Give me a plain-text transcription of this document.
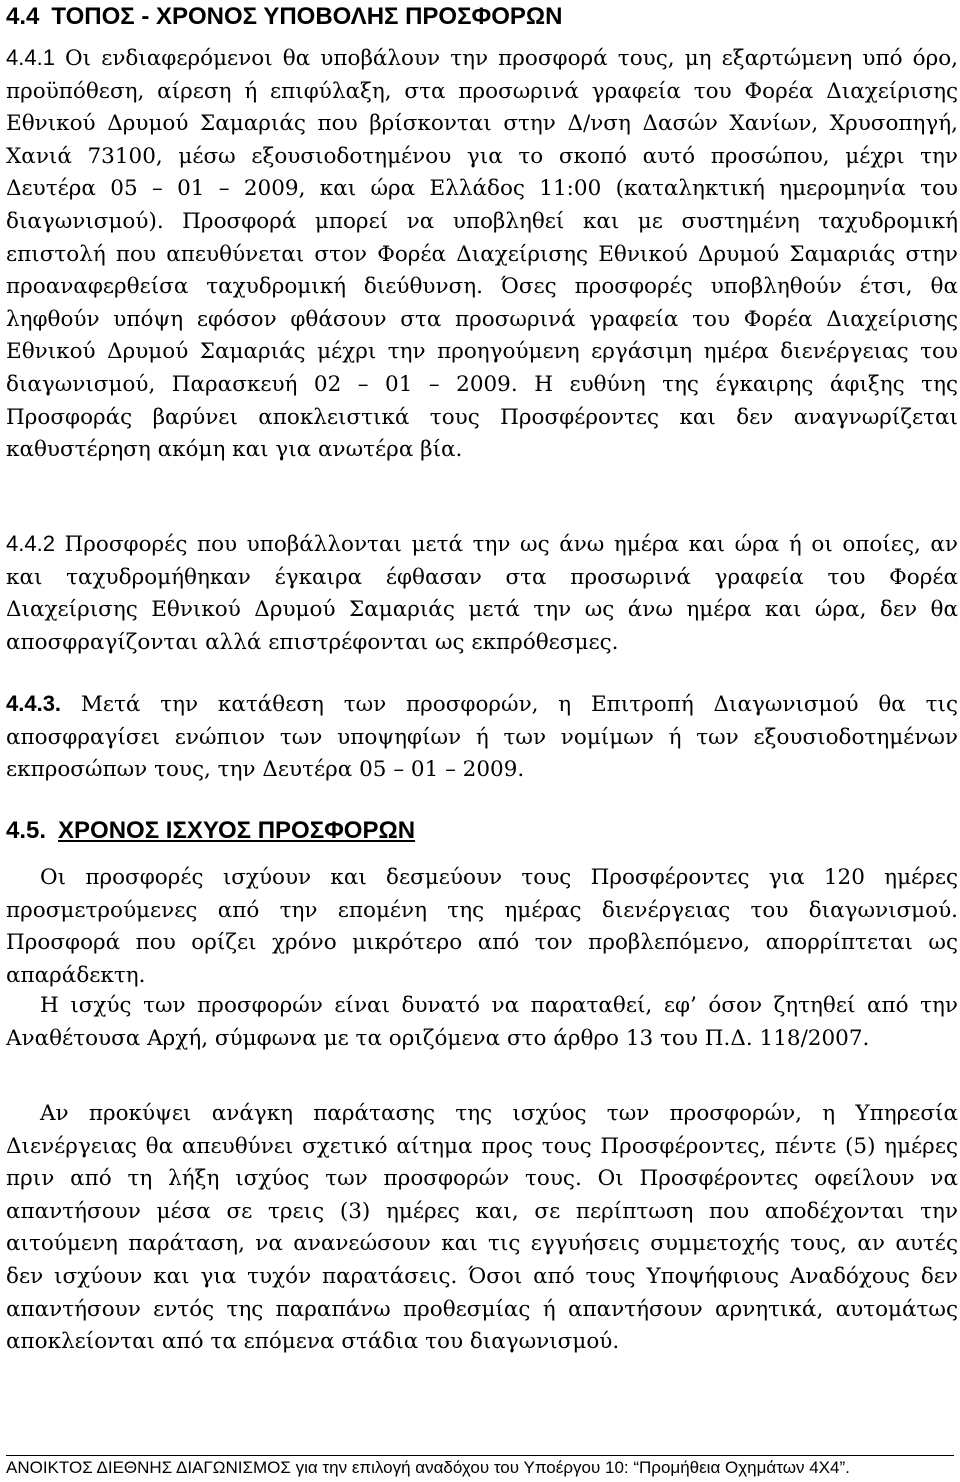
4.4 ΤΟΠΟΣ - ΧΡΟΝΟΣ ΥΠΟΒΟΛΗΣ ΠΡΟΣΦΟΡΩΝ

4.4.1 Οι ενδιαφερόμενοι θα υποβάλουν την προσφορά τους, μη εξαρτώμενη υπό όρο, προϋπόθεση, αίρεση ή επιφύλαξη, στα προσωρινά γραφεία του Φορέα Διαχείρισης Εθνικού Δρυμού Σαμαριάς που βρίσκονται στην Δ/νση Δασών Χανίων, Χρυσοπηγή, Χανιά 73100, μέσω εξουσιοδοτημένου για το σκοπό αυτό προσώπου, μέχρι την Δευτέρα 05 – 01 – 2009, και ώρα Ελλάδος 11:00 (καταληκτική ημερομηνία του διαγωνισμού). Προσφορά μπορεί να υποβληθεί και με συστημένη ταχυδρομική επιστολή που απευθύνεται στον Φορέα Διαχείρισης Εθνικού Δρυμού Σαμαριάς στην προαναφερθείσα ταχυδρομική διεύθυνση. Όσες προσφορές υποβληθούν έτσι, θα ληφθούν υπόψη εφόσον φθάσουν στα προσωρινά γραφεία του Φορέα Διαχείρισης Εθνικού Δρυμού Σαμαριάς μέχρι την προηγούμενη εργάσιμη ημέρα διενέργειας του διαγωνισμού, Παρασκευή 02 – 01 – 2009. Η ευθύνη της έγκαιρης άφιξης της Προσφοράς βαρύνει αποκλειστικά τους Προσφέροντες και δεν αναγνωρίζεται καθυστέρηση ακόμη και για ανωτέρα βία.

4.4.2 Προσφορές που υποβάλλονται μετά την ως άνω ημέρα και ώρα ή οι οποίες, αν και ταχυδρομήθηκαν έγκαιρα έφθασαν στα προσωρινά γραφεία του Φορέα Διαχείρισης Εθνικού Δρυμού Σαμαριάς μετά την ως άνω ημέρα και ώρα, δεν θα αποσφραγίζονται αλλά επιστρέφονται ως εκπρόθεσμες.

4.4.3. Μετά την κατάθεση των προσφορών, η Επιτροπή Διαγωνισμού θα τις αποσφραγίσει ενώπιον των υποψηφίων ή των νομίμων ή των εξουσιοδοτημένων εκπροσώπων τους, την Δευτέρα 05 – 01 – 2009.

4.5. ΧΡΟΝΟΣ ΙΣΧΥΟΣ ΠΡΟΣΦΟΡΩΝ

Οι προσφορές ισχύουν και δεσμεύουν τους Προσφέροντες για 120 ημέρες προσμετρούμενες από την επομένη της ημέρας διενέργειας του διαγωνισμού. Προσφορά που ορίζει χρόνο μικρότερο από τον προβλεπόμενο, απορρίπτεται ως απαράδεκτη.

Η ισχύς των προσφορών είναι δυνατό να παραταθεί, εφ’ όσον ζητηθεί από την Αναθέτουσα Αρχή, σύμφωνα με τα οριζόμενα στο άρθρο 13 του Π.Δ. 118/2007.

Αν προκύψει ανάγκη παράτασης της ισχύος των προσφορών, η Υπηρεσία Διενέργειας θα απευθύνει σχετικό αίτημα προς τους Προσφέροντες, πέντε (5) ημέρες πριν από τη λήξη ισχύος των προσφορών τους. Οι Προσφέροντες οφείλουν να απαντήσουν μέσα σε τρεις (3) ημέρες και, σε περίπτωση που αποδέχονται την αιτούμενη παράταση, να ανανεώσουν και τις εγγυήσεις συμμετοχής τους, αν αυτές δεν ισχύουν και για τυχόν παρατάσεις. Όσοι από τους Υποψήφιους Αναδόχους δεν απαντήσουν εντός της παραπάνω προθεσμίας ή απαντήσουν αρνητικά, αυτομάτως αποκλείονται από τα επόμενα στάδια του διαγωνισμού.

ΑΝΟΙΚΤΟΣ ΔΙΕΘΝΗΣ ΔΙΑΓΩΝΙΣΜΟΣ για την επιλογή αναδόχου του Υποέργου 10: “Προμήθεια Οχημάτων 4Χ4”.
